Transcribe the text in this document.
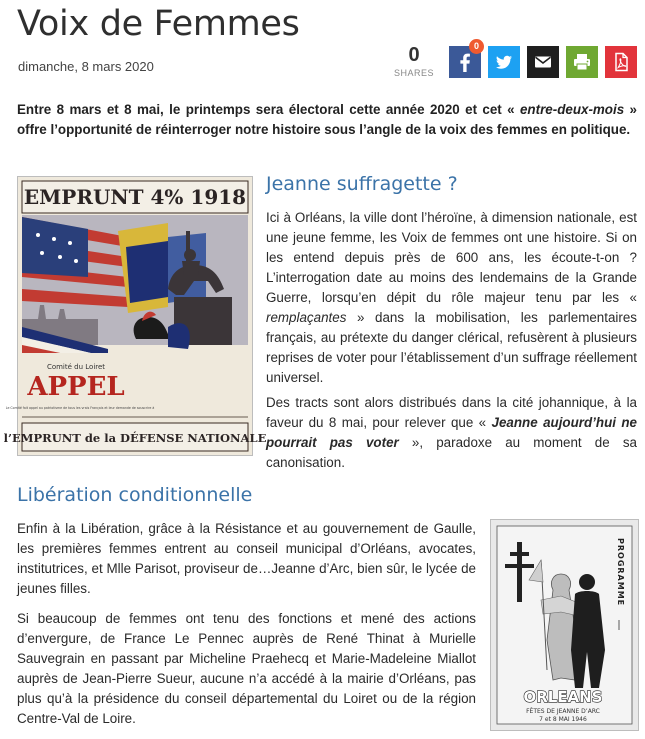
Voix de Femmes
dimanche, 8 mars 2020
0
SHARES
0

Entre 8 mars et 8 mai, le printemps sera électoral cette année 2020 et cet « entre-deux-mois » offre l’opportunité de réinterroger notre histoire sous l’angle de la voix des femmes en politique.

EMPRUNT 4% 1918
Comité du Loiret
APPEL
Le Comité fait appel au patriotisme de tous les vrais Français et leur demande de souscrire à
l’EMPRUNT de la DÉFENSE NATIONALE
Jeanne suffragette ?

Ici à Orléans, la ville dont l’héroïne, à dimension nationale, est une jeune femme, les Voix de femmes ont une histoire. Si on les entend depuis près de 600 ans, les écoute-t-on ? L’interrogation date au moins des lendemains de la Grande Guerre, lorsqu’en dépit du rôle majeur tenu par les « remplaçantes » dans la mobilisation, les parlementaires français, au prétexte du danger clérical, refusèrent à plusieurs reprises de voter pour l’établissement d’un suffrage réellement universel.

Des tracts sont alors distribués dans la cité johannique, à la faveur du 8 mai, pour relever que « Jeanne aujourd’hui ne pourrait pas voter », paradoxe au moment de sa canonisation.

Libération conditionnelle

Enfin à la Libération, grâce à la Résistance et au gouvernement de Gaulle, les premières femmes entrent au conseil municipal d’Orléans, avocates, institutrices, et Mlle Parisot, proviseur de…Jeanne d’Arc, bien sûr, le lycée de jeunes filles.

Si beaucoup de femmes ont tenu des fonctions et mené des actions d’envergure, de France Le Pennec auprès de René Thinat à Murielle Sauvegrain en passant par Micheline Praehecq et Marie-Madeleine Miallot auprès de Jean-Pierre Sueur, aucune n’a accédé à la mairie d’Orléans, pas plus qu’à la présidence du conseil départemental du Loiret ou de la région Centre-Val de Loire.

PROGRAMME
ORLEANS
FÊTES DE JEANNE D’ARC
7 et 8 MAI 1946
